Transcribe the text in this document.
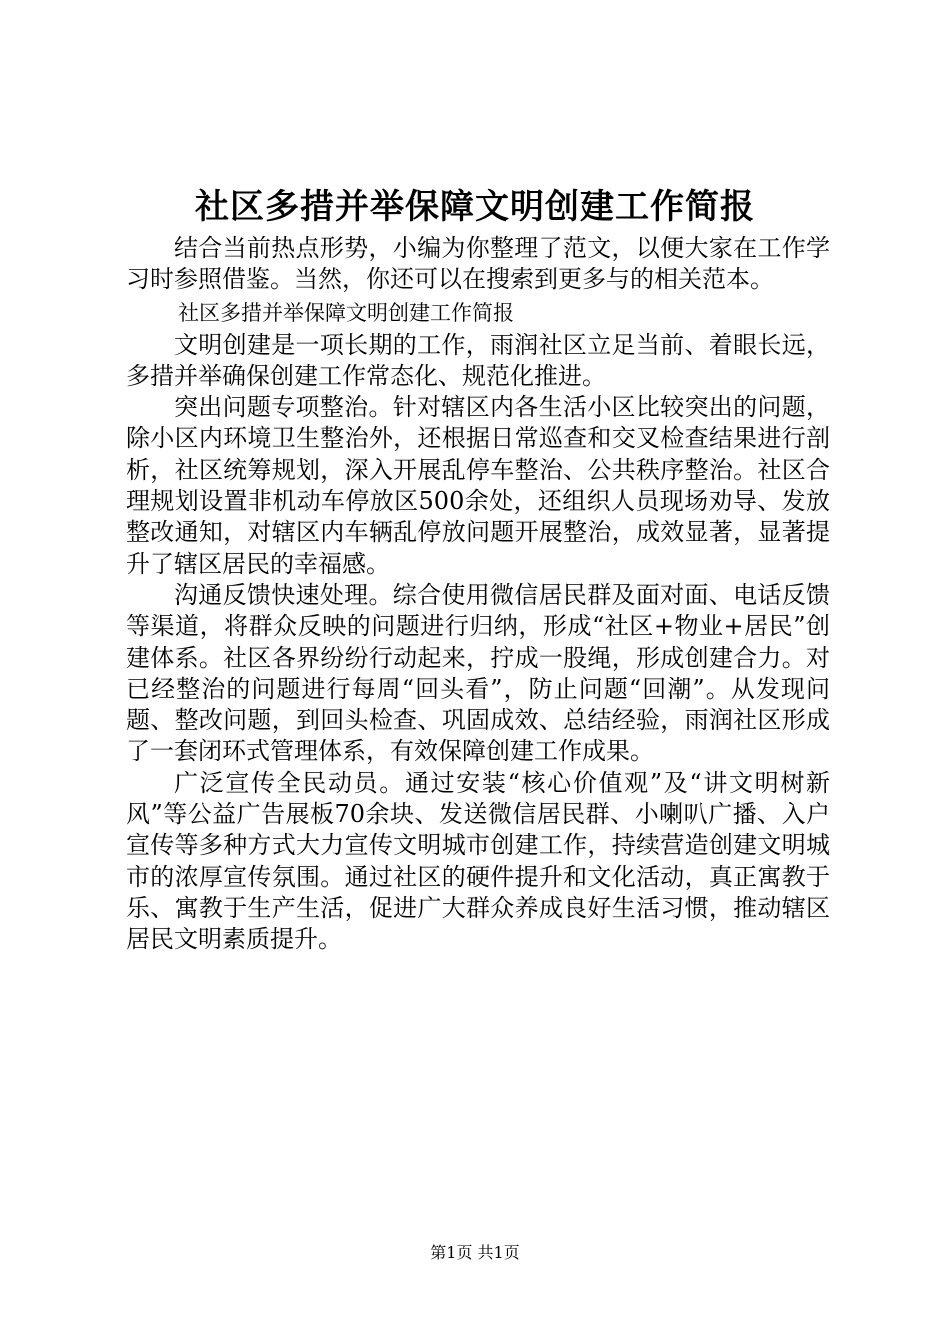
社区多措并举保障文明创建工作简报

结合当前热点形势，小编为你整理了范文，以便大家在工作学习时参照借鉴。当然，你还可以在搜索到更多与的相关范本。

社区多措并举保障文明创建工作简报

文明创建是一项长期的工作，雨润社区立足当前、着眼长远，多措并举确保创建工作常态化、规范化推进。

突出问题专项整治。针对辖区内各生活小区比较突出的问题，除小区内环境卫生整治外，还根据日常巡查和交叉检查结果进行剖析，社区统筹规划，深入开展乱停车整治、公共秩序整治。社区合理规划设置非机动车停放区500余处，还组织人员现场劝导、发放整改通知，对辖区内车辆乱停放问题开展整治，成效显著，显著提升了辖区居民的幸福感。

沟通反馈快速处理。综合使用微信居民群及面对面、电话反馈等渠道，将群众反映的问题进行归纳，形成“社区+物业+居民”创建体系。社区各界纷纷行动起来，拧成一股绳，形成创建合力。对已经整治的问题进行每周“回头看”，防止问题“回潮”。从发现问题、整改问题，到回头检查、巩固成效、总结经验，雨润社区形成了一套闭环式管理体系，有效保障创建工作成果。

广泛宣传全民动员。通过安装“核心价值观”及“讲文明树新风”等公益广告展板70余块、发送微信居民群、小喇叭广播、入户宣传等多种方式大力宣传文明城市创建工作，持续营造创建文明城市的浓厚宣传氛围。通过社区的硬件提升和文化活动，真正寓教于乐、寓教于生产生活，促进广大群众养成良好生活习惯，推动辖区居民文明素质提升。

第1页 共1页
